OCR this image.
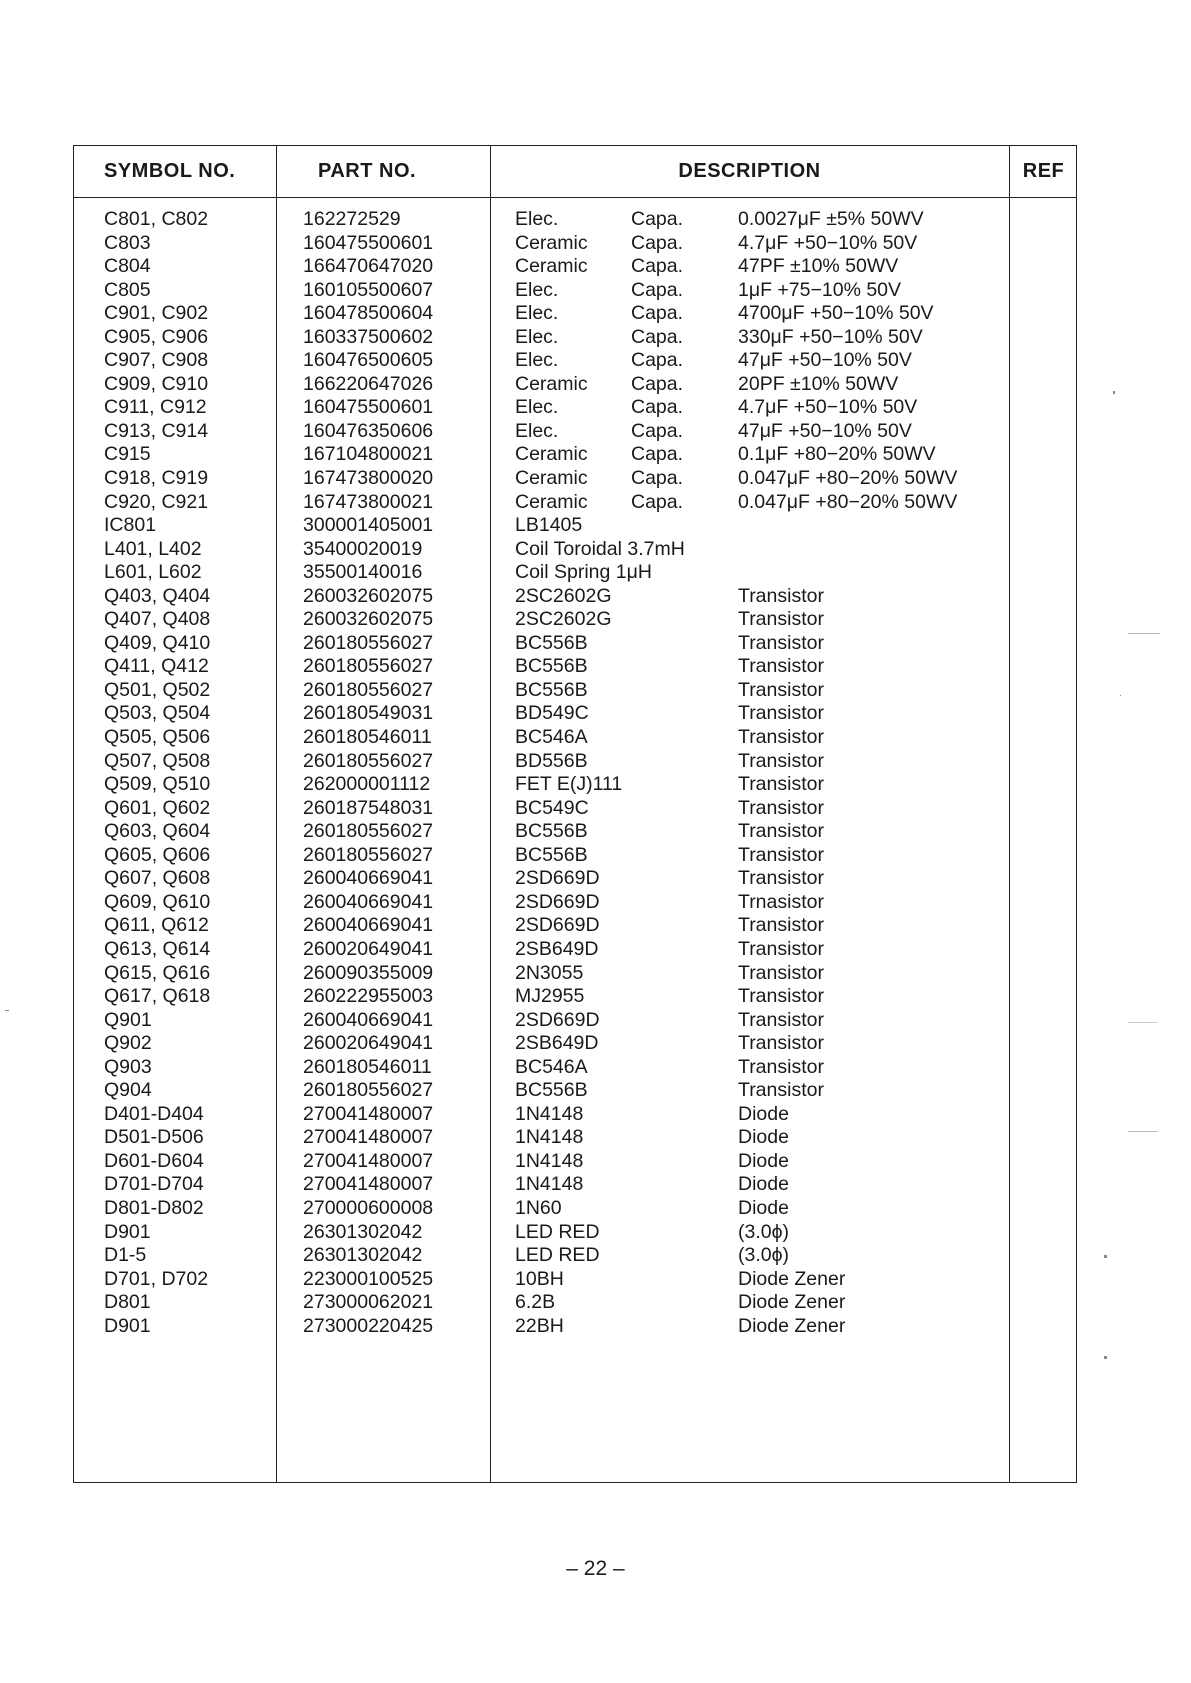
SYMBOL NO.	PART NO.	DESCRIPTION	REF
C801, C802	162272529	Elec.	Capa.	0.0027μF ±5% 50WV
C803	160475500601	Ceramic Capa.	4.7μF +50−10% 50V
C804	166470647020	Ceramic Capa.	47PF ±10% 50WV
C805	160105500607	Elec.	Capa.	1μF +75−10% 50V
C901, C902	160478500604	Elec.	Capa.	4700μF +50−10% 50V
C905, C906	160337500602	Elec.	Capa.	330μF +50−10% 50V
C907, C908	160476500605	Elec.	Capa.	47μF +50−10% 50V
C909, C910	166220647026	Ceramic Capa.	20PF ±10% 50WV
C911, C912	160475500601	Elec.	Capa.	4.7μF +50−10% 50V
C913, C914	160476350606	Elec.	Capa.	47μF +50−10% 50V
C915	167104800021	Ceramic Capa.	0.1μF +80−20% 50WV
C918, C919	167473800020	Ceramic Capa.	0.047μF +80−20% 50WV
C920, C921	167473800021	Ceramic Capa.	0.047μF +80−20% 50WV
IC801	300001405001	LB1405
L401, L402	35400020019	Coil Toroidal 3.7mH
L601, L602	35500140016	Coil Spring 1μH
Q403, Q404	260032602075	2SC2602G	Transistor
Q407, Q408	260032602075	2SC2602G	Transistor
Q409, Q410	260180556027	BC556B	Transistor
Q411, Q412	260180556027	BC556B	Transistor
Q501, Q502	260180556027	BC556B	Transistor
Q503, Q504	260180549031	BD549C	Transistor
Q505, Q506	260180546011	BC546A	Transistor
Q507, Q508	260180556027	BD556B	Transistor
Q509, Q510	262000001112	FET E(J)111	Transistor
Q601, Q602	260187548031	BC549C	Transistor
Q603, Q604	260180556027	BC556B	Transistor
Q605, Q606	260180556027	BC556B	Transistor
Q607, Q608	260040669041	2SD669D	Transistor
Q609, Q610	260040669041	2SD669D	Trnasistor
Q611, Q612	260040669041	2SD669D	Transistor
Q613, Q614	260020649041	2SB649D	Transistor
Q615, Q616	260090355009	2N3055	Transistor
Q617, Q618	260222955003	MJ2955	Transistor
Q901	260040669041	2SD669D	Transistor
Q902	260020649041	2SB649D	Transistor
Q903	260180546011	BC546A	Transistor
Q904	260180556027	BC556B	Transistor
D401-D404	270041480007	1N4148	Diode
D501-D506	270041480007	1N4148	Diode
D601-D604	270041480007	1N4148	Diode
D701-D704	270041480007	1N4148	Diode
D801-D802	270000600008	1N60	Diode
D901	26301302042	LED RED	(3.0ϕ)
D1-5	26301302042	LED RED	(3.0ϕ)
D701, D702	223000100525	10BH	Diode Zener
D801	273000062021	6.2B	Diode Zener
D901	273000220425	22BH	Diode Zener
– 22 –
